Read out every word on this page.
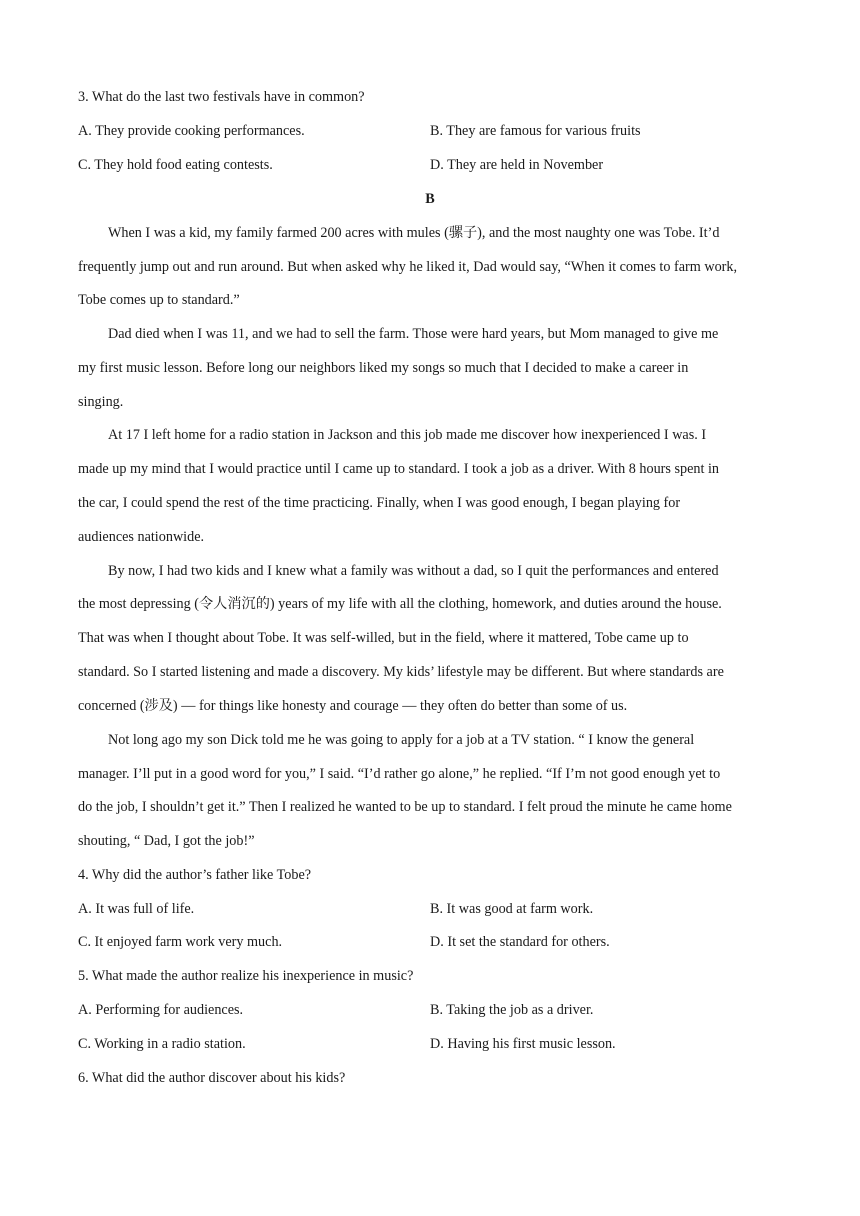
3. What do the last two festivals have in common?
A. They provide cooking performances.	B. They are famous for various fruits
C. They hold food eating contests.	D. They are held in November
B
When I was a kid, my family farmed 200 acres with mules (骡子), and the most naughty one was Tobe. It’d
frequently jump out and run around. But when asked why he liked it, Dad would say, “When it comes to farm work,
Tobe comes up to standard.”
Dad died when I was 11, and we had to sell the farm. Those were hard years, but Mom managed to give me
my first music lesson. Before long our neighbors liked my songs so much that I decided to make a career in
singing.
At 17 I left home for a radio station in Jackson and this job made me discover how inexperienced I was. I
made up my mind that I would practice until I came up to standard. I took a job as a driver. With 8 hours spent in
the car, I could spend the rest of the time practicing. Finally, when I was good enough, I began playing for
audiences nationwide.
By now, I had two kids and I knew what a family was without a dad, so I quit the performances and entered
the most depressing (令人消沉的) years of my life with all the clothing, homework, and duties around the house.
That was when I thought about Tobe. It was self-willed, but in the field, where it mattered, Tobe came up to
standard. So I started listening and made a discovery. My kids’ lifestyle may be different. But where standards are
concerned (涉及) — for things like honesty and courage — they often do better than some of us.
Not long ago my son Dick told me he was going to apply for a job at a TV station. “ I know the general
manager. I’ll put in a good word for you,” I said. “I’d rather go alone,” he replied. “If I’m not good enough yet to
do the job, I shouldn’t get it.” Then I realized he wanted to be up to standard. I felt proud the minute he came home
shouting, “ Dad, I got the job!”
4. Why did the author’s father like Tobe?
A. It was full of life.	B. It was good at farm work.
C. It enjoyed farm work very much.	D. It set the standard for others.
5. What made the author realize his inexperience in music?
A. Performing for audiences.	B. Taking the job as a driver.
C. Working in a radio station.	D. Having his first music lesson.
6. What did the author discover about his kids?
